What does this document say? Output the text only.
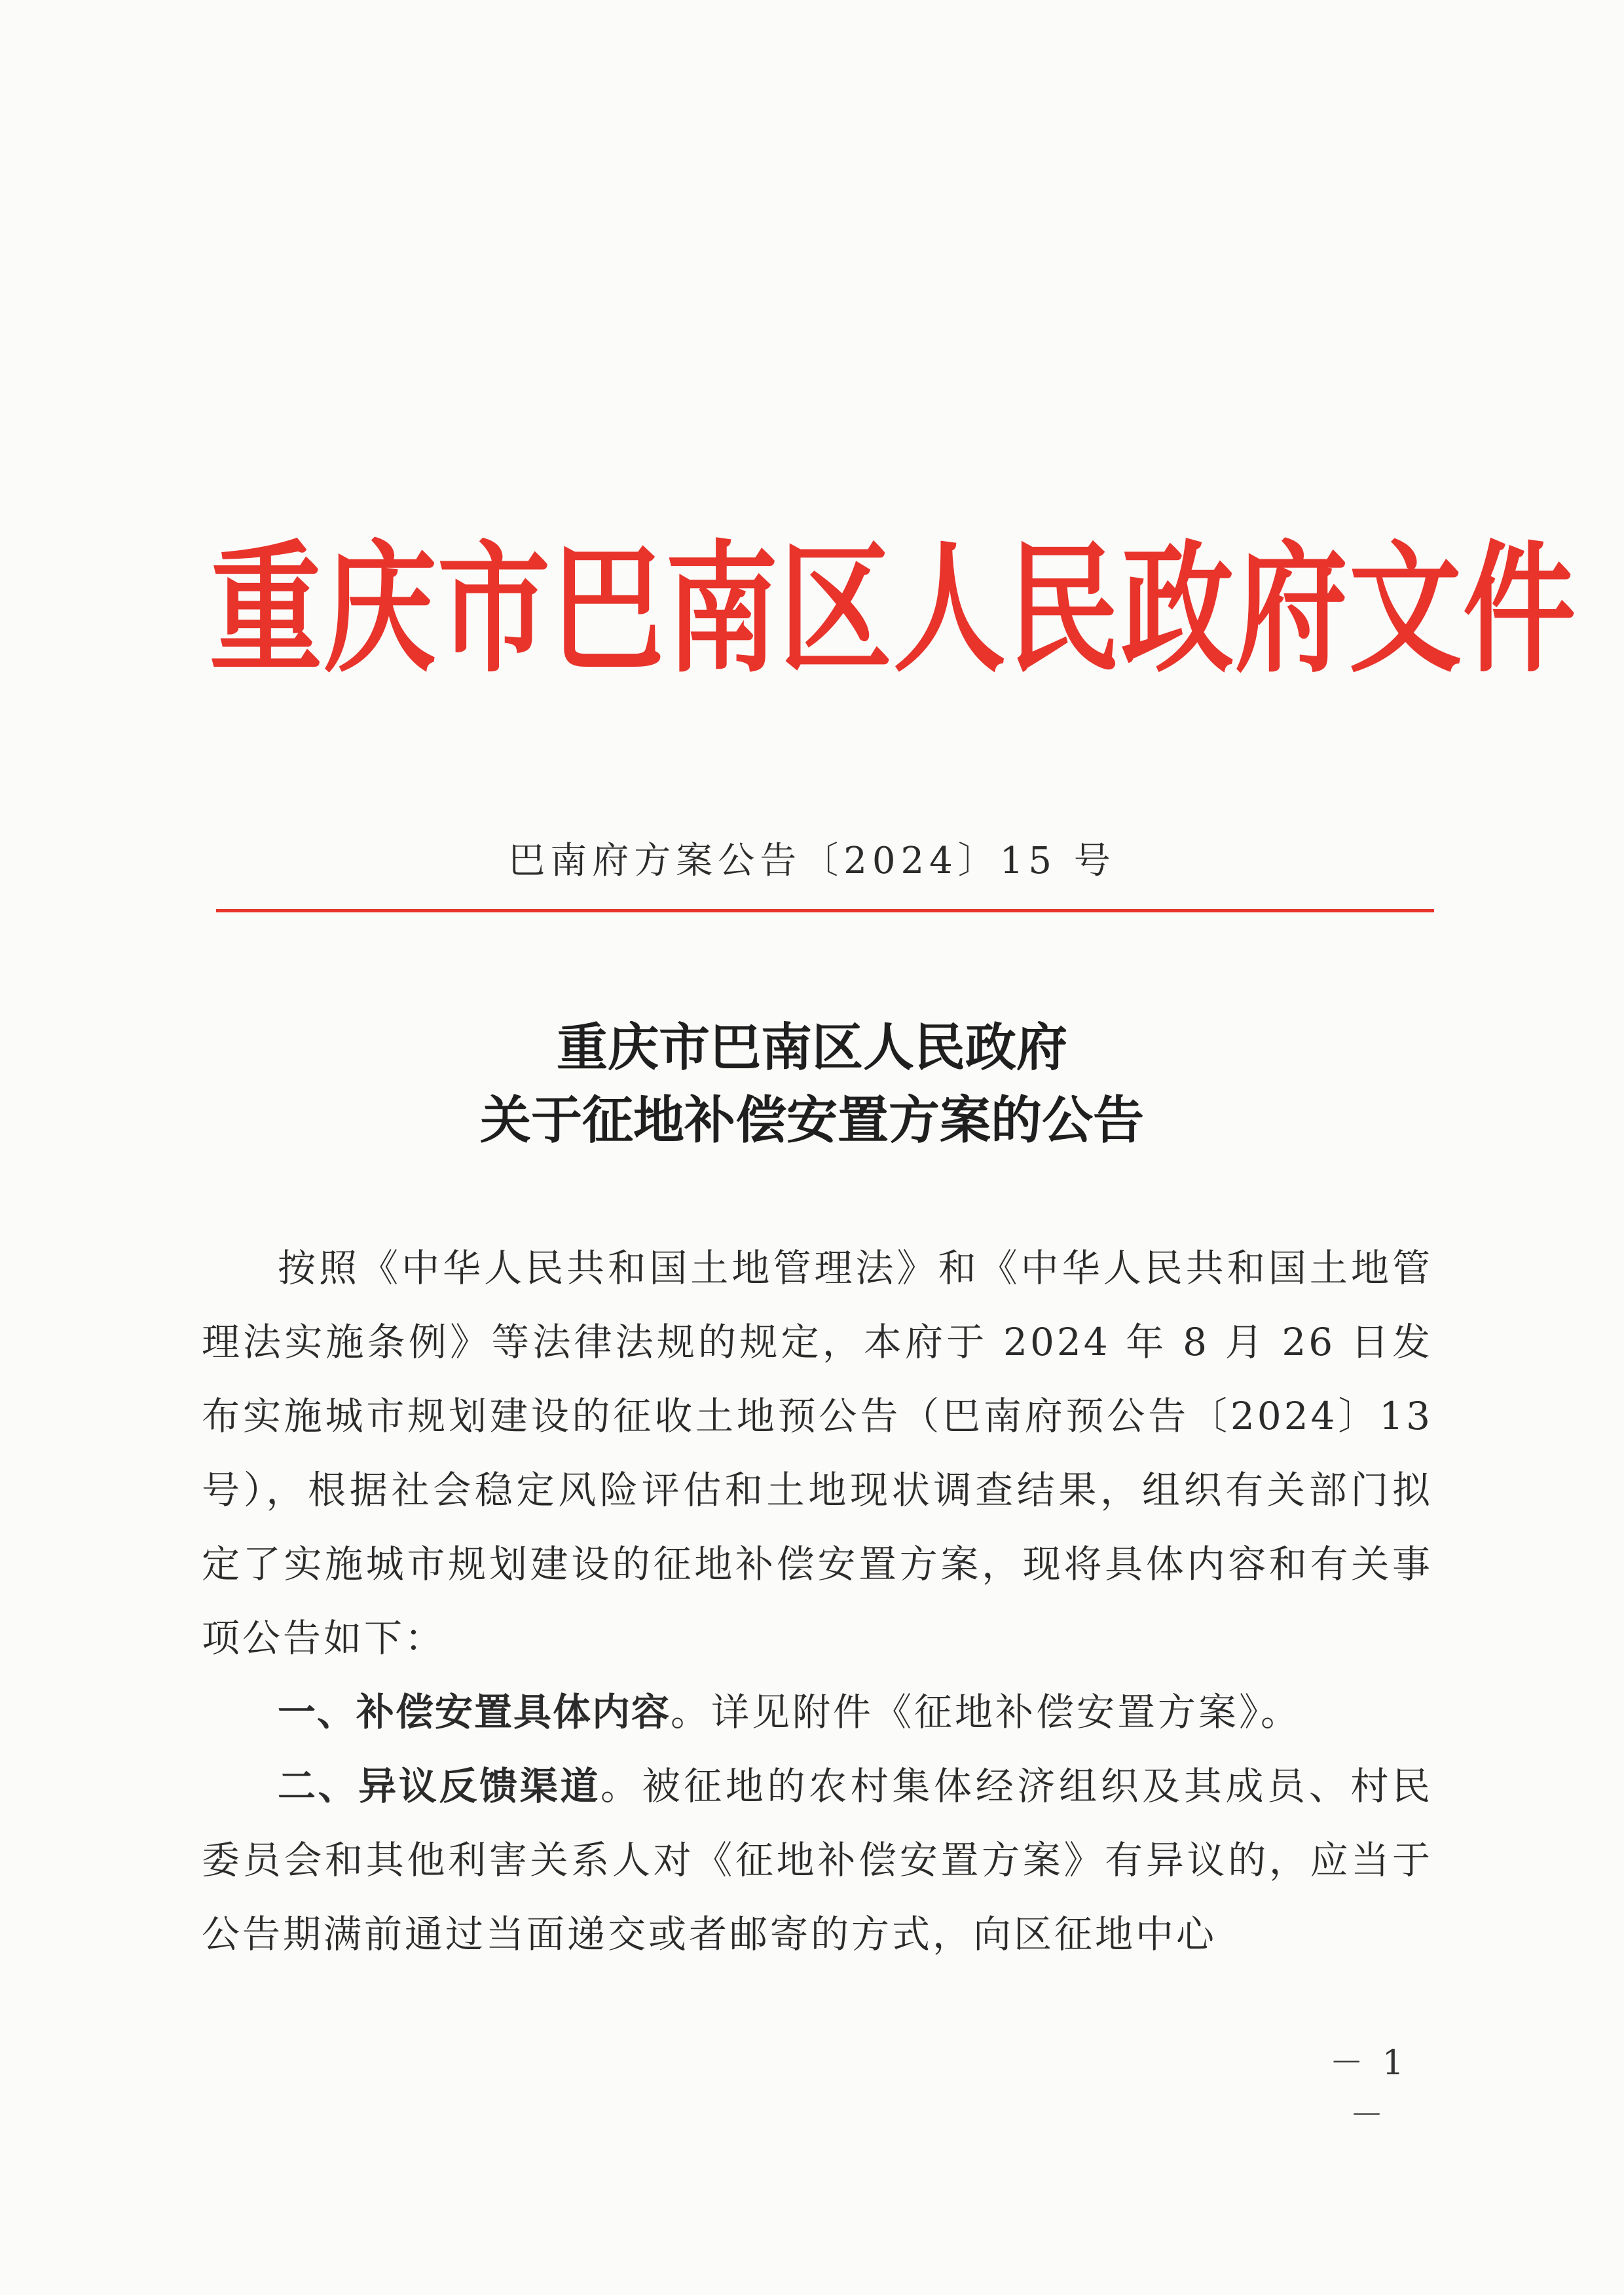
重庆市巴南区人民政府文件
巴南府方案公告〔2024〕15 号
重庆市巴南区人民政府
关于征地补偿安置方案的公告

按照《中华人民共和国土地管理法》和《中华人民共和国土地管理法实施条例》等法律法规的规定，本府于 2024 年 8 月 26 日发布实施城市规划建设的征收土地预公告（巴南府预公告〔2024〕13 号），根据社会稳定风险评估和土地现状调查结果，组织有关部门拟定了实施城市规划建设的征地补偿安置方案，现将具体内容和有关事项公告如下：

一、补偿安置具体内容。详见附件《征地补偿安置方案》。

二、异议反馈渠道。被征地的农村集体经济组织及其成员、村民委员会和其他利害关系人对《征地补偿安置方案》有异议的，应当于公告期满前通过当面递交或者邮寄的方式，向区征地中心

－ 1 －
